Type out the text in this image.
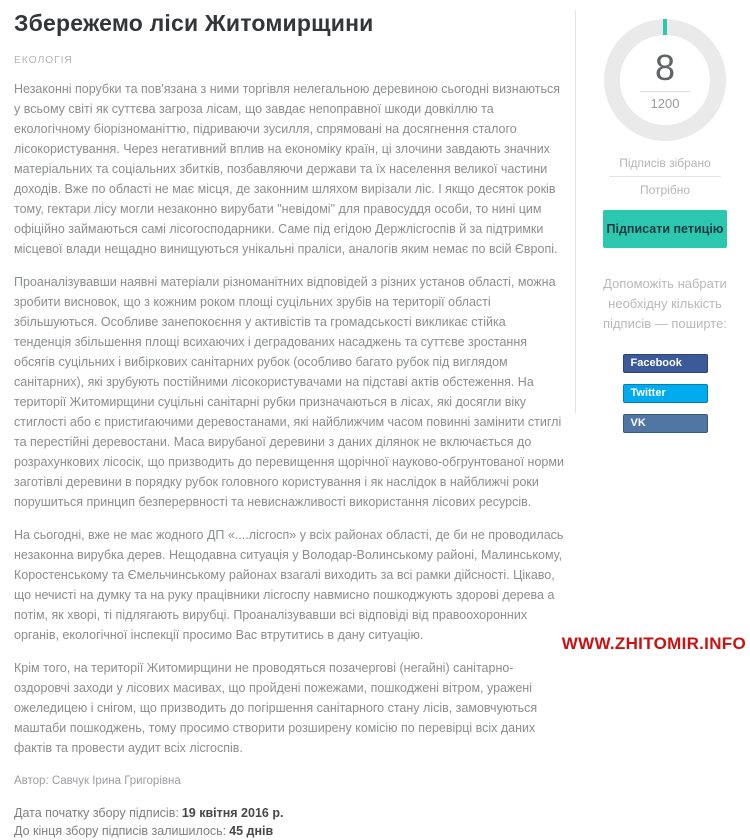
Збережемо ліси Житомирщини
ЕКОЛОГІЯ

Незаконні порубки та пов'язана з ними торгівля нелегальною деревиною сьогодні визнаються у всьому світі як суттєва загроза лісам, що завдає непоправної шкоди довкіллю та екологічному біорізноманіттю, підриваючи зусилля, спрямовані на досягнення сталого лісокористування. Через негативний вплив на економіку країн, ці злочини завдають значних матеріальних та соціальних збитків, позбавляючи держави та їх населення великої частини доходів. Вже по області не має місця, де законним шляхом вирізали ліс. І якщо десяток років тому, гектари лісу могли незаконно вирубати "невідомі" для правосуддя особи, то нині цим офіційно займаються самі лісогосподарники. Саме під егідою Держлісгоспів й за підтримки місцевої влади нещадно винищуються унікальні праліси, аналогів яким немає по всій Європі.

Проаналізувавши наявні матеріали різноманітних відповідей з різних установ області, можна зробити висновок, що з кожним роком площі суцільних зрубів на території області збільшуються. Особливе занепокоєння у активістів та громадськості викликає стійка тенденція збільшення площі всихаючих і деградованих насаджень та суттєве зростання обсягів суцільних і вибіркових санітарних рубок (особливо багато рубок під виглядом санітарних), які зрубують постійними лісокористувачами на підставі актів обстеження. На території Житомирщини суцільні санітарні рубки призначаються в лісах, які досягли віку стиглості або є пристигаючими деревостанами, які найближчим часом повинні замінити стиглі та перестійні деревостани. Маса вирубаної деревини з даних ділянок не включається до розрахункових лісосік, що призводить до перевищення щорічної науково-обгрунтованої норми заготівлі деревини в порядку рубок головного користування і як наслідок в найближчі роки порушиться принцип безперервності та невиснажливості використання лісових ресурсів.

На сьогодні, вже не має жодного ДП «....лісгосп» у всіх районах області, де би не проводилась незаконна вирубка дерев. Нещодавна ситуація у Володар-Волинському районі, Малинському, Коростенському та Ємельчинському районах взагалі виходить за всі рамки дійсності. Цікаво, що нечисті на думку та на руку працівники лісгоспу навмисно пошкоджують здорові дерева а потім, як хворі, ті підлягають вирубці. Проаналізувавши всі відповіді від правоохоронних органів, екологічної інспекції просимо Вас втрутитись в дану ситуацію.

Крім того, на території Житомирщини не проводяться позачергові (негайні) санітарно-оздоровчі заходи у лісових масивах, що пройдені пожежами, пошкоджені вітром, уражені ожеледицею і снігом, що призводить до погіршення санітарного стану лісів, замовчуються маштаби пошкоджень, тому просимо створити розширену комісію по перевірці всіх даних фактів та провести аудит всіх лісгоспів.

Автор: Савчук Ірина Григорівна
Дата початку збору підписів: 19 квітня 2016 р.
До кінця збору підписів залишилось: 45 днів
8
1200
Підписів зібрано
Потрібно
Підписати петицію
Допоможіть набрати необхідну кількість підписів — поширте:
Facebook
Twitter
VK
WWW.ZHITOMIR.INFO
